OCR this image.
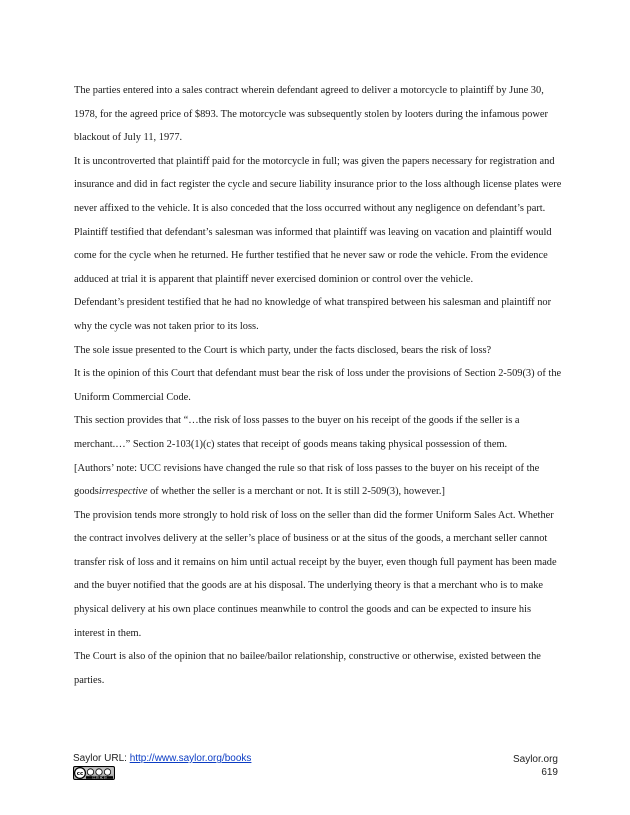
The parties entered into a sales contract wherein defendant agreed to deliver a motorcycle to plaintiff by June 30, 1978, for the agreed price of $893. The motorcycle was subsequently stolen by looters during the infamous power blackout of July 11, 1977.

It is uncontroverted that plaintiff paid for the motorcycle in full; was given the papers necessary for registration and insurance and did in fact register the cycle and secure liability insurance prior to the loss although license plates were never affixed to the vehicle. It is also conceded that the loss occurred without any negligence on defendant’s part.

Plaintiff testified that defendant’s salesman was informed that plaintiff was leaving on vacation and plaintiff would come for the cycle when he returned. He further testified that he never saw or rode the vehicle. From the evidence adduced at trial it is apparent that plaintiff never exercised dominion or control over the vehicle.

Defendant’s president testified that he had no knowledge of what transpired between his salesman and plaintiff nor why the cycle was not taken prior to its loss.

The sole issue presented to the Court is which party, under the facts disclosed, bears the risk of loss?

It is the opinion of this Court that defendant must bear the risk of loss under the provisions of Section 2-509(3) of the Uniform Commercial Code.

This section provides that “…the risk of loss passes to the buyer on his receipt of the goods if the seller is a merchant.…” Section 2-103(1)(c) states that receipt of goods means taking physical possession of them.

[Authors’ note: UCC revisions have changed the rule so that risk of loss passes to the buyer on his receipt of the goodsirrespective of whether the seller is a merchant or not. It is still 2-509(3), however.]

The provision tends more strongly to hold risk of loss on the seller than did the former Uniform Sales Act. Whether the contract involves delivery at the seller’s place of business or at the situs of the goods, a merchant seller cannot transfer risk of loss and it remains on him until actual receipt by the buyer, even though full payment has been made and the buyer notified that the goods are at his disposal. The underlying theory is that a merchant who is to make physical delivery at his own place continues meanwhile to control the goods and can be expected to insure his interest in them.

The Court is also of the opinion that no bailee/bailor relationship, constructive or otherwise, existed between the parties.

Saylor URL: http://www.saylor.org/books
cc
CC BY NC SA
Saylor.org
619
